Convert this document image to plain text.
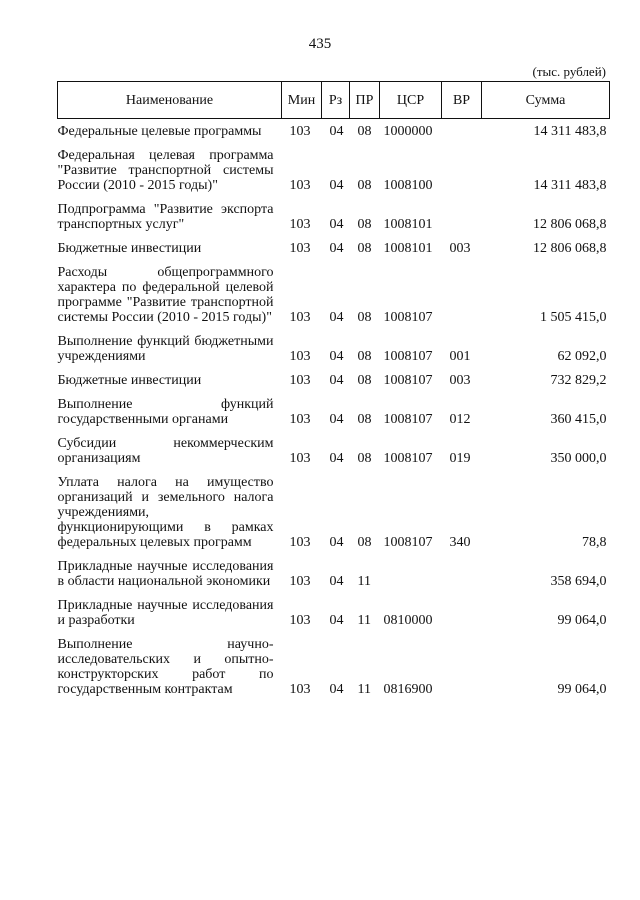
435
(тыс. рублей)
Наименование	Мин	Рз	ПР	ЦСР	ВР	Сумма
Федеральные целевые программы	103	04	08	1000000		14 311 483,8
Федеральная целевая программа "Развитие транспортной системы России (2010 - 2015 годы)"	103	04	08	1008100		14 311 483,8
Подпрограмма "Развитие экспорта транспортных услуг"	103	04	08	1008101		12 806 068,8
Бюджетные инвестиции	103	04	08	1008101	003	12 806 068,8
Расходы общепрограммного характера по федеральной целевой программе "Развитие транспортной системы России (2010 - 2015 годы)"	103	04	08	1008107		1 505 415,0
Выполнение функций бюджетными учреждениями	103	04	08	1008107	001	62 092,0
Бюджетные инвестиции	103	04	08	1008107	003	732 829,2
Выполнение функций государственными органами	103	04	08	1008107	012	360 415,0
Субсидии некоммерческим организациям	103	04	08	1008107	019	350 000,0
Уплата налога на имущество организаций и земельного налога учреждениями, функционирующими в рамках федеральных целевых программ	103	04	08	1008107	340	78,8
Прикладные научные исследования в области национальной экономики	103	04	11			358 694,0
Прикладные научные исследования и разработки	103	04	11	0810000		99 064,0
Выполнение научно-исследовательских и опытно-конструкторских работ по государственным контрактам	103	04	11	0816900		99 064,0
